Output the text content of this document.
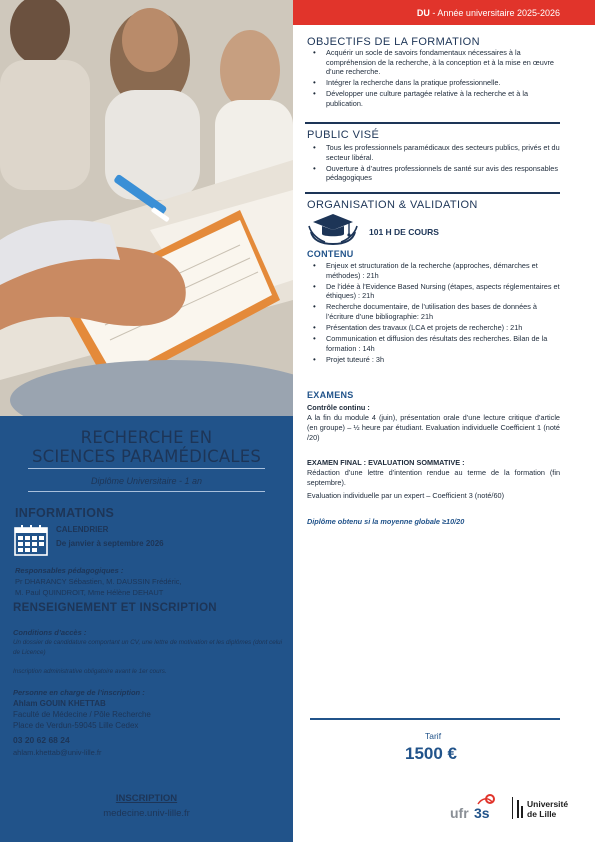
RECHERCHE EN
SCIENCES PARAMÉDICALES
Diplôme Universitaire - 1 an
INFORMATIONS
CALENDRIER
De janvier à septembre 2026
Responsables pédagogiques :
Pr DHARANCY Sébastien, M. DAUSSIN Frédéric,
M. Paul QUINDROIT, Mme Hélène DEHAUT
RENSEIGNEMENT ET INSCRIPTION
Conditions d’accès :
Un dossier de candidature comportant un CV, une lettre de motivation et les diplômes (dont celui de Licence)
Inscription administrative obligatoire avant le 1er cours.
Personne en charge de l’inscription :
Ahlam GOUIN KHETTAB
Faculté de Médecine / Pôle Recherche
Place de Verdun-59045 Lille Cedex
03 20 62 68 24
ahlam.khettab@univ-lille.fr
INSCRIPTION
medecine.univ-lille.fr
DU - Année universitaire 2025-2026
OBJECTIFS DE LA FORMATION
• Acquérir un socle de savoirs fondamentaux nécessaires à la compréhension de la recherche, à la conception et à la mise en œuvre d’une recherche.
• Intégrer la recherche dans la pratique professionnelle.
• Développer une culture partagée relative à la recherche et à la publication.
PUBLIC VISÉ
• Tous les professionnels paramédicaux des secteurs publics, privés et du secteur libéral.
• Ouverture à d’autres professionnels de santé sur avis des responsables pédagogiques
ORGANISATION & VALIDATION
101 H DE COURS
CONTENU
• Enjeux et structuration de la recherche (approches, démarches et méthodes) : 21h
• De l’idée à l’Evidence Based Nursing (étapes, aspects réglementaires et éthiques) : 21h
• Recherche documentaire, de l’utilisation des bases de données à l’écriture d’une bibliographie: 21h
• Présentation des travaux (LCA et projets de recherche) : 21h
• Communication et diffusion des résultats des recherches. Bilan de la formation : 14h
• Projet tuteuré : 3h
EXAMENS
Contrôle continu :
A la fin du module 4 (juin), présentation orale d’une lecture critique d’article (en groupe) – ½ heure par étudiant. Evaluation individuelle Coefficient 1 (noté /20)
EXAMEN FINAL : EVALUATION SOMMATIVE :
Rédaction d’une lettre d’intention rendue au terme de la formation (fin septembre).
Evaluation individuelle par un expert – Coefficient 3 (noté/60)
Diplôme obtenu si la moyenne globale ≥10/20
Tarif
1500 €
ufr 3s
Université
de Lille
